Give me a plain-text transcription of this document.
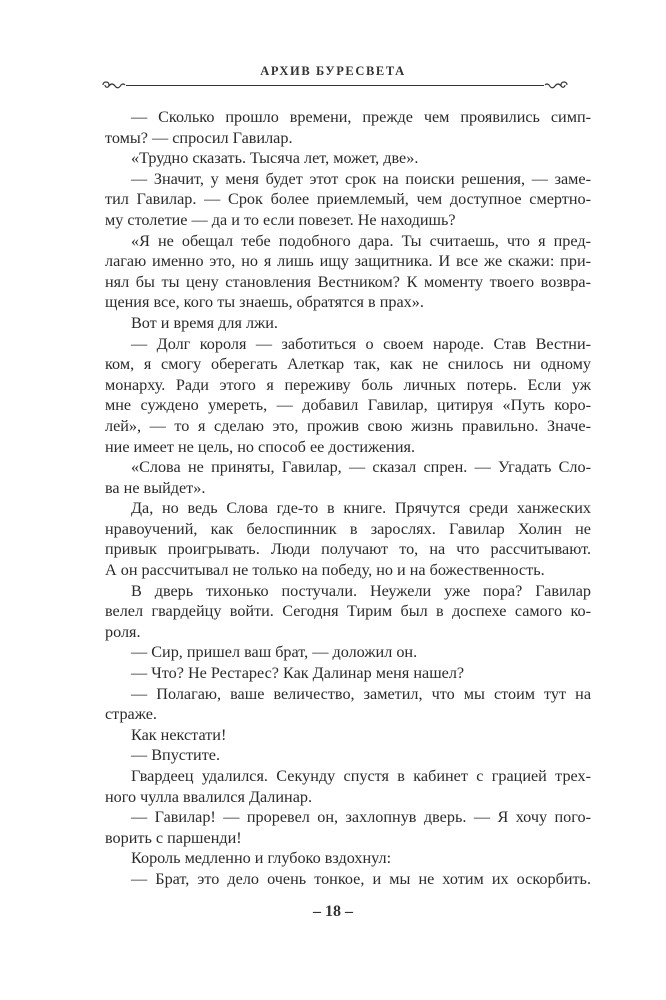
АРХИВ БУРЕСВЕТА
— Сколько прошло времени, прежде чем проявились симп-
томы? — спросил Гавилар.
«Трудно сказать. Тысяча лет, может, две».
— Значит, у меня будет этот срок на поиски решения, — заме-
тил Гавилар. — Срок более приемлемый, чем доступное смертно-
му столетие — да и то если повезет. Не находишь?
«Я не обещал тебе подобного дара. Ты считаешь, что я пред-
лагаю именно это, но я лишь ищу защитника. И все же скажи: при-
нял бы ты цену становления Вестником? К моменту твоего возвра-
щения все, кого ты знаешь, обратятся в прах».
Вот и время для лжи.
— Долг короля — заботиться о своем народе. Став Вестни-
ком, я смогу оберегать Алеткар так, как не снилось ни одному
монарху. Ради этого я переживу боль личных потерь. Если уж
мне суждено умереть, — добавил Гавилар, цитируя «Путь коро-
лей», — то я сделаю это, прожив свою жизнь правильно. Значе-
ние имеет не цель, но способ ее достижения.
«Слова не приняты, Гавилар, — сказал спрен. — Угадать Сло-
ва не выйдет».
Да, но ведь Слова где-то в книге. Прячутся среди ханжеских
нравоучений, как белоспинник в зарослях. Гавилар Холин не
привык проигрывать. Люди получают то, на что рассчитывают.
А он рассчитывал не только на победу, но и на божественность.
В дверь тихонько постучали. Неужели уже пора? Гавилар
велел гвардейцу войти. Сегодня Тирим был в доспехе самого ко-
роля.
— Сир, пришел ваш брат, — доложил он.
— Что? Не Рестарес? Как Далинар меня нашел?
— Полагаю, ваше величество, заметил, что мы стоим тут на
страже.
Как некстати!
— Впустите.
Гвардеец удалился. Секунду спустя в кабинет с грацией трех-
ного чулла ввалился Далинар.
— Гавилар! — проревел он, захлопнув дверь. — Я хочу пого-
ворить с паршенди!
Король медленно и глубоко вздохнул:
— Брат, это дело очень тонкое, и мы не хотим их оскорбить.
– 18 –
